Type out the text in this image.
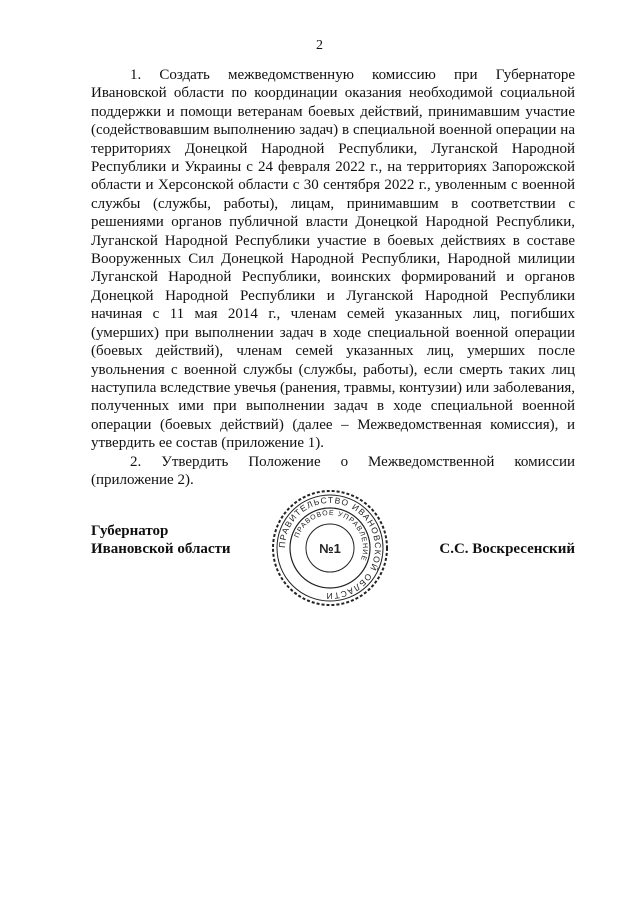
2

1. Создать межведомственную комиссию при Губернаторе Ивановской области по координации оказания необходимой социальной поддержки и помощи ветеранам боевых действий, принимавшим участие (содействовавшим выполнению задач) в специальной военной операции на территориях Донецкой Народной Республики, Луганской Народной Республики и Украины с 24 февраля 2022 г., на территориях Запорожской области и Херсонской области с 30 сентября 2022 г., уволенным с военной службы (службы, работы), лицам, принимавшим в соответствии с решениями органов публичной власти Донецкой Народной Республики, Луганской Народной Республики участие в боевых действиях в составе Вооруженных Сил Донецкой Народной Республики, Народной милиции Луганской Народной Республики, воинских формирований и органов Донецкой Народной Республики и Луганской Народной Республики начиная с 11 мая 2014 г., членам семей указанных лиц, погибших (умерших) при выполнении задач в ходе специальной военной операции (боевых действий), членам семей указанных лиц, умерших после увольнения с военной службы (службы, работы), если смерть таких лиц наступила вследствие увечья (ранения, травмы, контузии) или заболевания, полученных ими при выполнении задач в ходе специальной военной операции (боевых действий) (далее – Межведомственная комиссия), и утвердить ее состав (приложение 1).

2. Утвердить Положение о Межведомственной комиссии (приложение 2).

Губернатор
Ивановской области	С.С. Воскресенский
ПРАВИТЕЛЬСТВО ИВАНОВСКОЙ ОБЛАСТИ
ПРАВОВОЕ УПРАВЛЕНИЕ
№1
